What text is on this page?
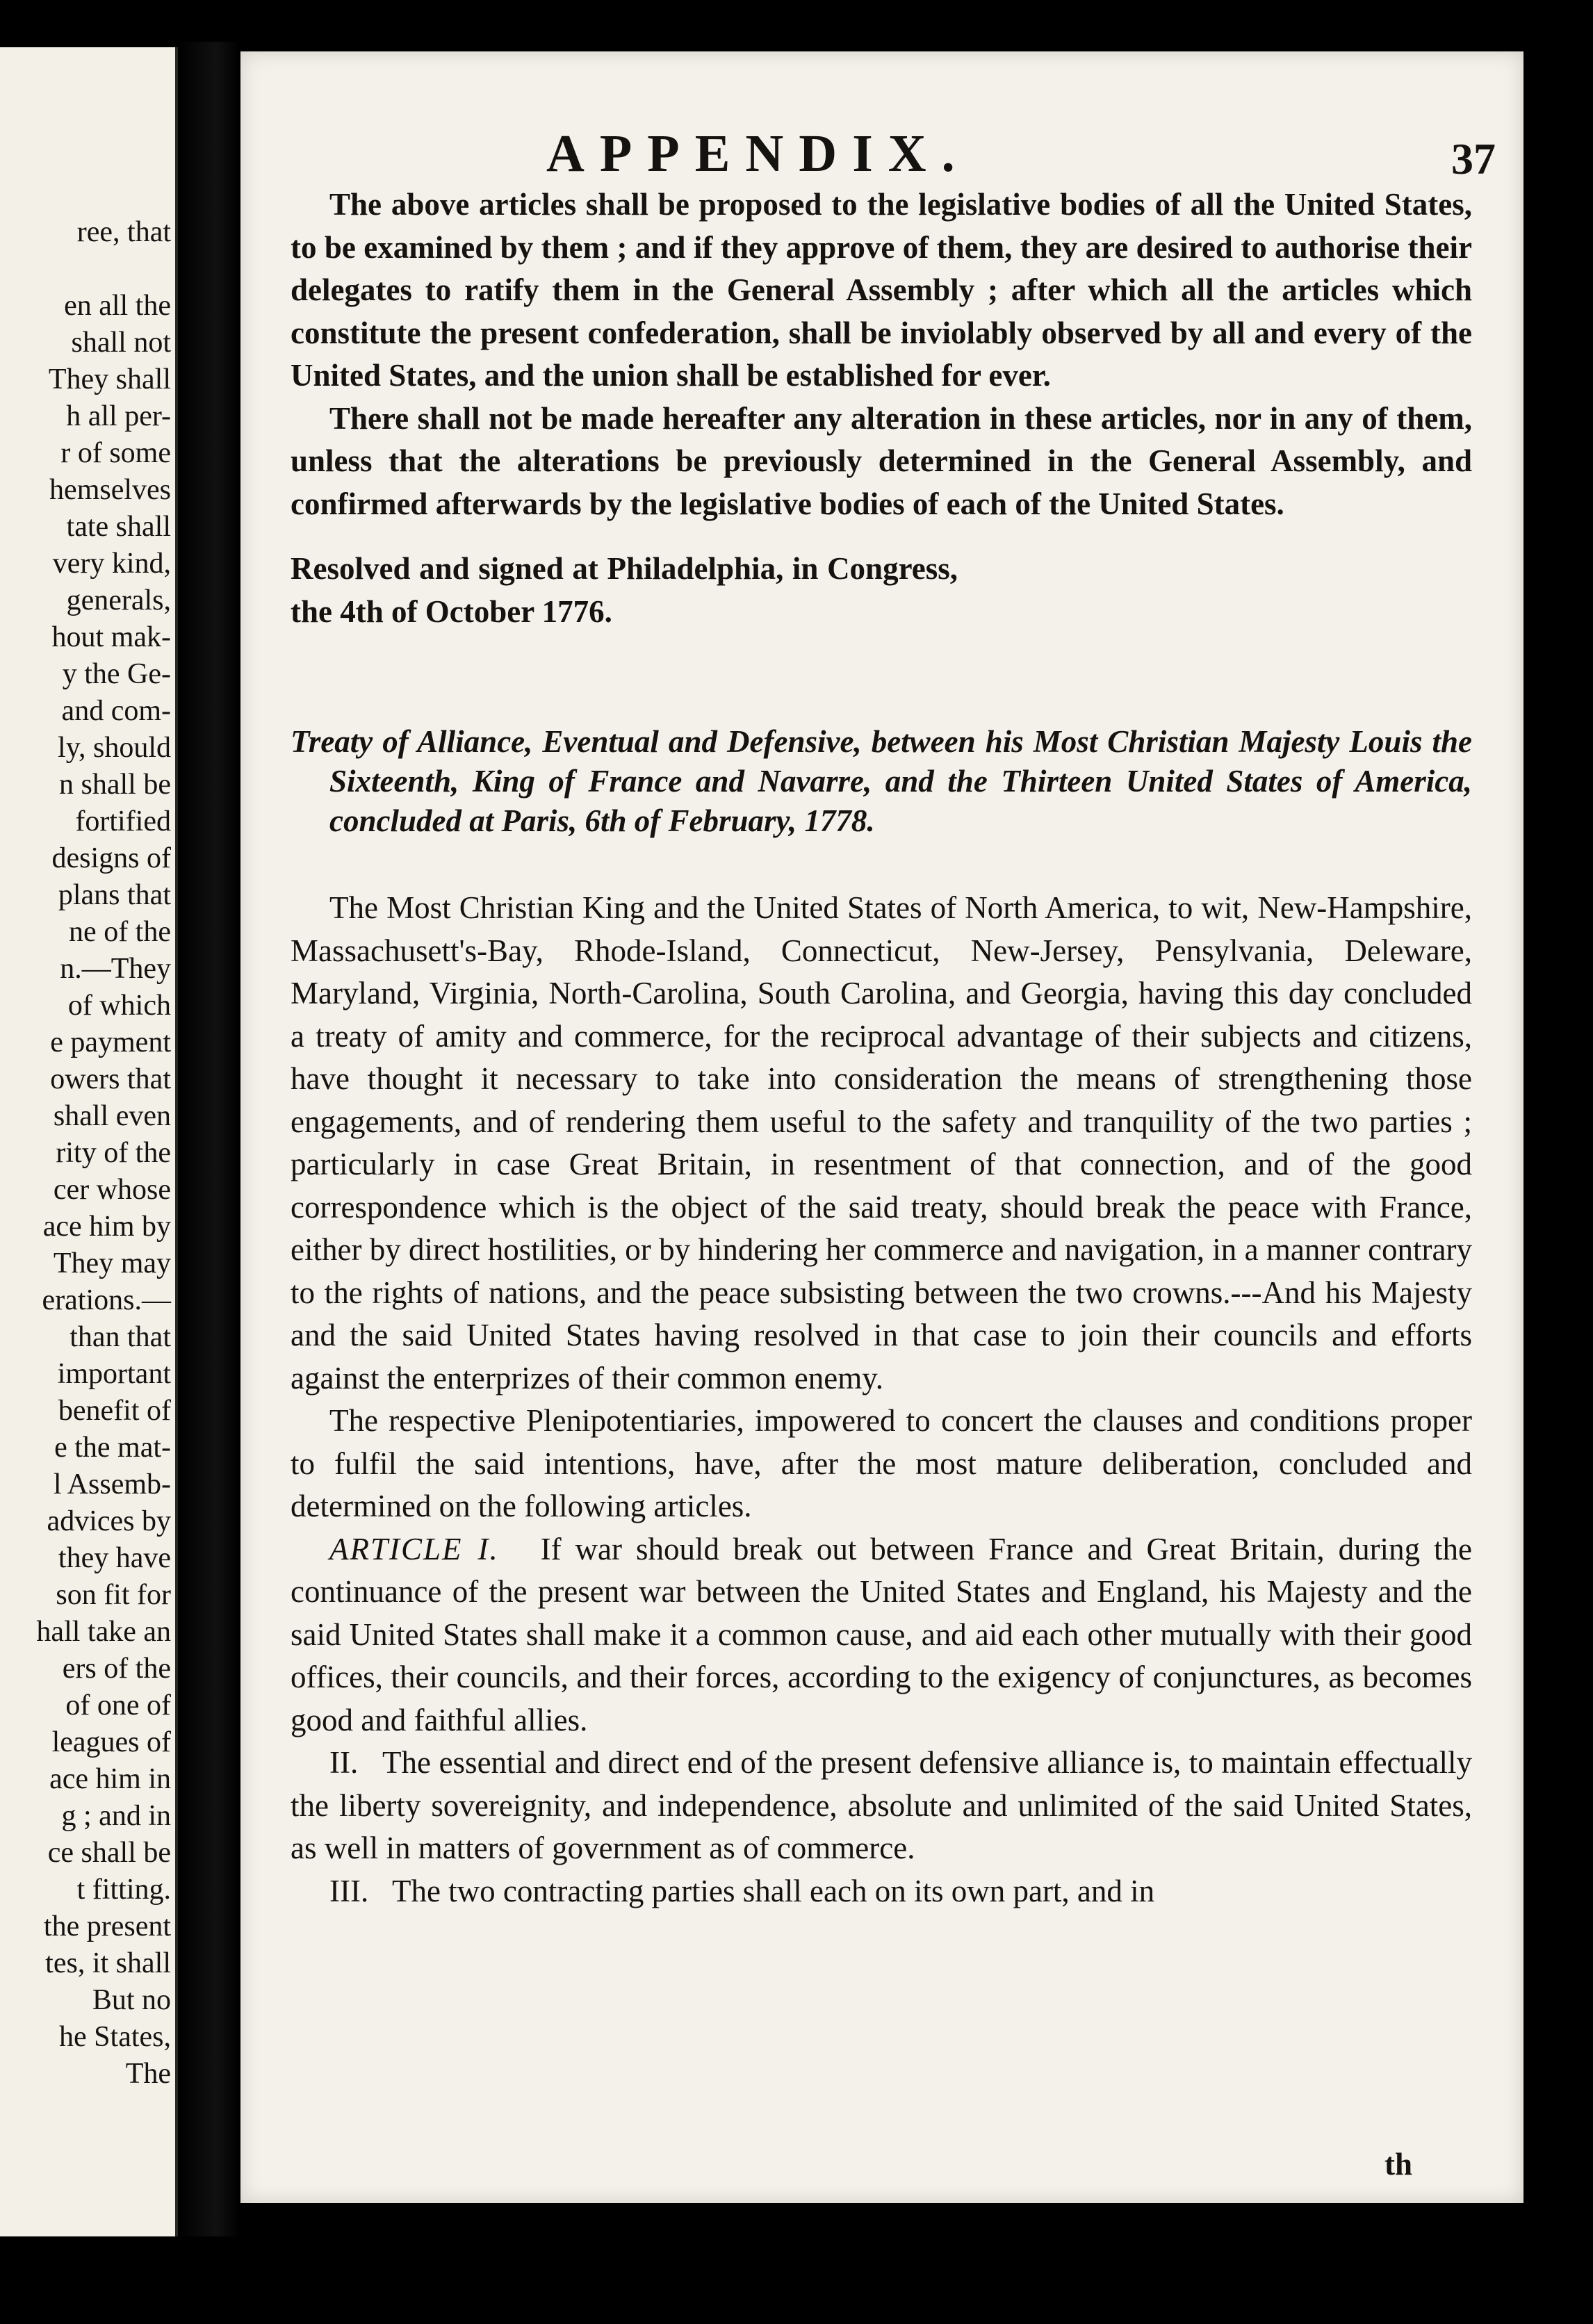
ree, that
en all the
shall not
They shall
h all per-
r of some
hemselves
tate shall
very kind,
generals,
hout mak-
y the Ge-
and com-
ly, should
n shall be
fortified
designs of
plans that
ne of the
n.—They
of which
e payment
owers that
shall even
rity of the
cer whose
ace him by
They may
erations.—
than that
important
benefit of
e the mat-
l Assemb-
advices by
they have
son fit for
hall take an
ers of the
of one of
leagues of
ace him in
g ; and in
ce shall be
t fitting.
the present
tes, it shall
But no
he States,
The
APPENDIX.	37

The above articles shall be proposed to the legislative bodies of all the United States, to be examined by them ; and if they approve of them, they are desired to authorise their delegates to ratify them in the General Assembly ; after which all the articles which constitute the present confederation, shall be inviolably observed by all and every of the United States, and the union shall be established for ever.

There shall not be made hereafter any alteration in these articles, nor in any of them, unless that the alterations be previously determined in the General Assembly, and confirmed afterwards by the legislative bodies of each of the United States.

Resolved and signed at Philadelphia, in Congress, the 4th of October 1776.

Treaty of Alliance, Eventual and Defensive, between his Most Christian Majesty Louis the Sixteenth, King of France and Navarre, and the Thirteen United States of America, concluded at Paris, 6th of February, 1778.

The Most Christian King and the United States of North America, to wit, New-Hampshire, Massachusett's-Bay, Rhode-Island, Connecticut, New-Jersey, Pensylvania, Deleware, Maryland, Virginia, North-Carolina, South Carolina, and Georgia, having this day concluded a treaty of amity and commerce, for the reciprocal advantage of their subjects and citizens, have thought it necessary to take into consideration the means of strengthening those engagements, and of rendering them useful to the safety and tranquility of the two parties ; particularly in case Great Britain, in resentment of that connection, and of the good correspondence which is the object of the said treaty, should break the peace with France, either by direct hostilities, or by hindering her commerce and navigation, in a manner contrary to the rights of nations, and the peace subsisting between the two crowns.---And his Majesty and the said United States having resolved in that case to join their councils and efforts against the enterprizes of their common enemy.

The respective Plenipotentiaries, impowered to concert the clauses and conditions proper to fulfil the said intentions, have, after the most mature deliberation, concluded and determined on the following articles.

ARTICLE I. If war should break out between France and Great Britain, during the continuance of the present war between the United States and England, his Majesty and the said United States shall make it a common cause, and aid each other mutually with their good offices, their councils, and their forces, according to the exigency of conjunctures, as becomes good and faithful allies.

II. The essential and direct end of the present defensive alliance is, to maintain effectually the liberty sovereignity, and independence, absolute and unlimited of the said United States, as well in matters of government as of commerce.

III. The two contracting parties shall each on its own part, and in

th
